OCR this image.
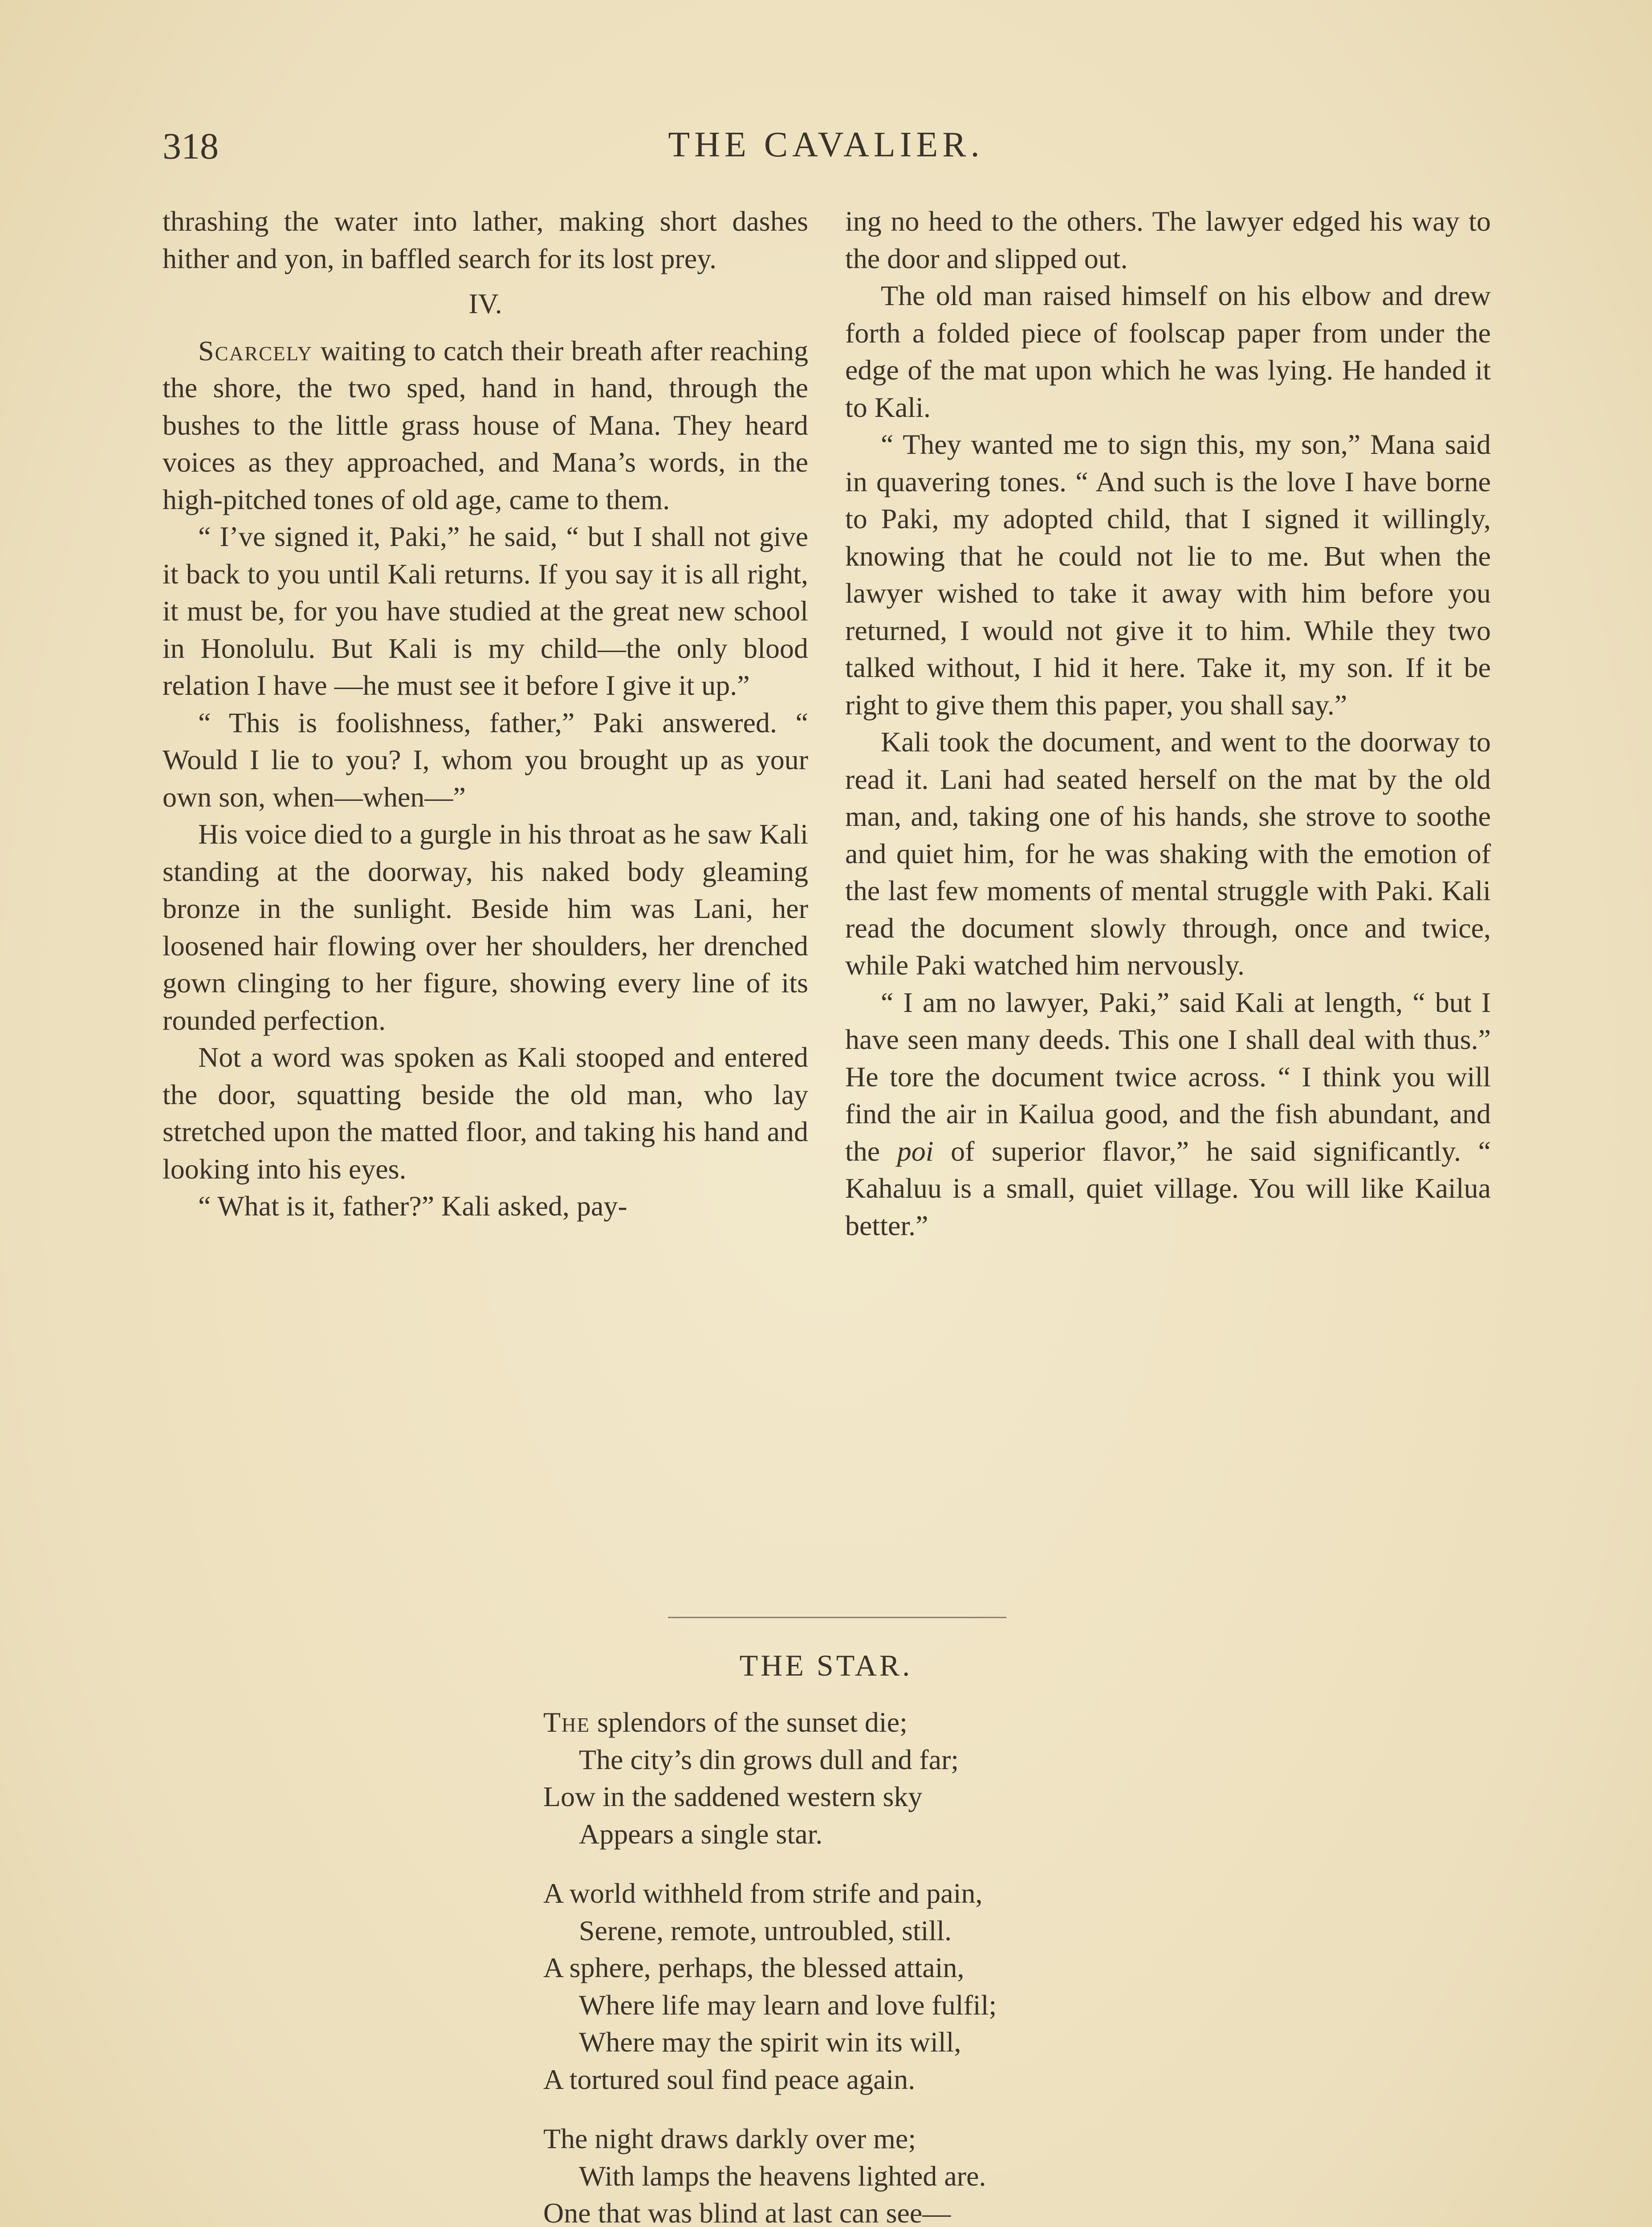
318	THE CAVALIER.

thrashing the water into lather, making short dashes hither and yon, in baffled search for its lost prey.

IV.

Scarcely waiting to catch their breath after reaching the shore, the two sped, hand in hand, through the bushes to the little grass house of Mana. They heard voices as they approached, and Mana’s words, in the high-pitched tones of old age, came to them.

“ I’ve signed it, Paki,” he said, “ but I shall not give it back to you until Kali returns. If you say it is all right, it must be, for you have studied at the great new school in Honolulu. But Kali is my child—the only blood relation I have —he must see it before I give it up.”

“ This is foolishness, father,” Paki answered. “ Would I lie to you? I, whom you brought up as your own son, when—when—”

His voice died to a gurgle in his throat as he saw Kali standing at the doorway, his naked body gleaming bronze in the sunlight. Beside him was Lani, her loosened hair flowing over her shoulders, her drenched gown clinging to her figure, showing every line of its rounded perfection.

Not a word was spoken as Kali stooped and entered the door, squatting beside the old man, who lay stretched upon the matted floor, and taking his hand and looking into his eyes.

“ What is it, father?” Kali asked, pay-

ing no heed to the others. The lawyer edged his way to the door and slipped out.

The old man raised himself on his elbow and drew forth a folded piece of foolscap paper from under the edge of the mat upon which he was lying. He handed it to Kali.

“ They wanted me to sign this, my son,” Mana said in quavering tones. “ And such is the love I have borne to Paki, my adopted child, that I signed it willingly, knowing that he could not lie to me. But when the lawyer wished to take it away with him before you returned, I would not give it to him. While they two talked without, I hid it here. Take it, my son. If it be right to give them this paper, you shall say.”

Kali took the document, and went to the doorway to read it. Lani had seated herself on the mat by the old man, and, taking one of his hands, she strove to soothe and quiet him, for he was shaking with the emotion of the last few moments of mental struggle with Paki. Kali read the document slowly through, once and twice, while Paki watched him nervously.

“ I am no lawyer, Paki,” said Kali at length, “ but I have seen many deeds. This one I shall deal with thus.” He tore the document twice across. “ I think you will find the air in Kailua good, and the fish abundant, and the poi of superior flavor,” he said significantly. “ Kahaluu is a small, quiet village. You will like Kailua better.”

THE STAR.
The splendors of the sunset die;
The city’s din grows dull and far;
Low in the saddened western sky
Appears a single star.
A world withheld from strife and pain,
Serene, remote, untroubled, still.
A sphere, perhaps, the blessed attain,
Where life may learn and love fulfil;
Where may the spirit win its will,
A tortured soul find peace again.
The night draws darkly over me;
With lamps the heavens lighted are.
One that was blind at last can see—
